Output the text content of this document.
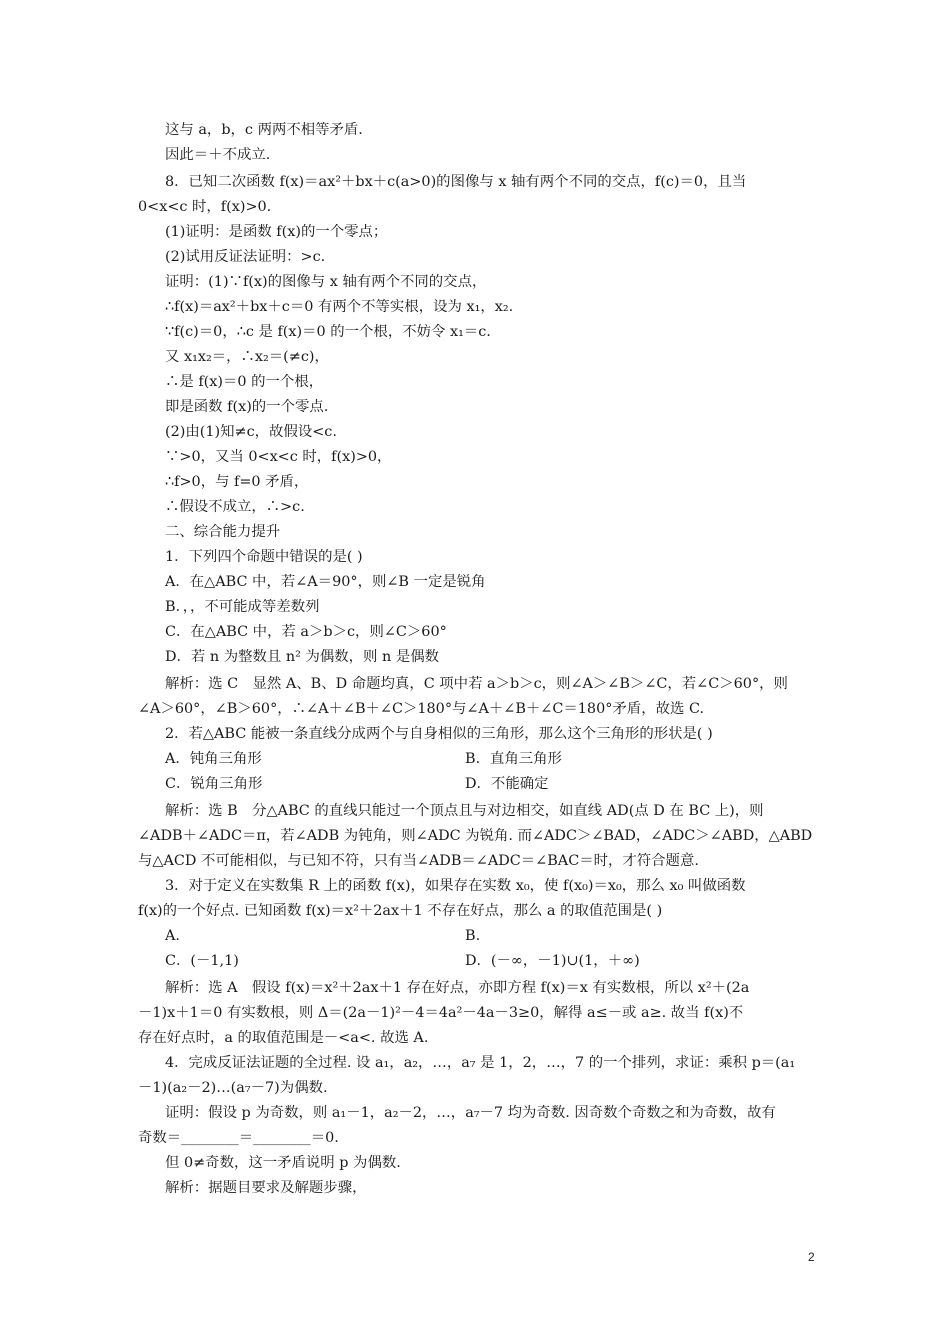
这与 a，b，c 两两不相等矛盾.
因此＝＋不成立.
8．已知二次函数 f(x)＝ax²＋bx＋c(a>0)的图像与 x 轴有两个不同的交点，f(c)＝0，且当
0<x<c 时，f(x)>0.
(1)证明：是函数 f(x)的一个零点；
(2)试用反证法证明：>c.
证明：(1)∵f(x)的图像与 x 轴有两个不同的交点，
∴f(x)＝ax²＋bx＋c＝0 有两个不等实根，设为 x₁，x₂.
∵f(c)＝0，∴c 是 f(x)＝0 的一个根，不妨令 x₁＝c.
又 x₁x₂＝，∴x₂＝(≠c)，
∴是 f(x)＝0 的一个根，
即是函数 f(x)的一个零点.
(2)由(1)知≠c，故假设<c.
∵>0，又当 0<x<c 时，f(x)>0，
∴f>0，与 f=0 矛盾，
∴假设不成立，∴>c.
二、综合能力提升
1．下列四个命题中错误的是( )
A．在△ABC 中，若∠A＝90°，则∠B 一定是锐角
B．，，不可能成等差数列
C．在△ABC 中，若 a＞b＞c，则∠C＞60°
D．若 n 为整数且 n² 为偶数，则 n 是偶数
解析：选 C　显然 A、B、D 命题均真，C 项中若 a＞b＞c，则∠A＞∠B＞∠C，若∠C＞60°，则
∠A＞60°，∠B＞60°，∴∠A＋∠B＋∠C＞180°与∠A＋∠B＋∠C＝180°矛盾，故选 C.
2．若△ABC 能被一条直线分成两个与自身相似的三角形，那么这个三角形的形状是( )
A．钝角三角形	B．直角三角形
C．锐角三角形	D．不能确定
解析：选 B　分△ABC 的直线只能过一个顶点且与对边相交，如直线 AD(点 D 在 BC 上)，则
∠ADB＋∠ADC＝π，若∠ADB 为钝角，则∠ADC 为锐角. 而∠ADC＞∠BAD，∠ADC＞∠ABD，△ABD
与△ACD 不可能相似，与已知不符，只有当∠ADB＝∠ADC＝∠BAC＝时，才符合题意.
3．对于定义在实数集 R 上的函数 f(x)，如果存在实数 x₀，使 f(x₀)＝x₀，那么 x₀ 叫做函数
f(x)的一个好点. 已知函数 f(x)＝x²＋2ax＋1 不存在好点，那么 a 的取值范围是( )
A.	B.
C．(－1,1)	D．(－∞，－1)∪(1，＋∞)
解析：选 A　假设 f(x)＝x²＋2ax＋1 存在好点，亦即方程 f(x)＝x 有实数根，所以 x²＋(2a
－1)x＋1＝0 有实数根，则 Δ＝(2a－1)²－4＝4a²－4a－3≥0，解得 a≤－或 a≥. 故当 f(x)不
存在好点时，a 的取值范围是－<a<. 故选 A.
4．完成反证法证题的全过程. 设 a₁，a₂，…，a₇ 是 1，2，…，7 的一个排列，求证：乘积 p＝(a₁
－1)(a₂－2)…(a₇－7)为偶数.
证明：假设 p 为奇数，则 a₁－1，a₂－2，…，a₇－7 均为奇数. 因奇数个奇数之和为奇数，故有
奇数＝________＝________＝0.
但 0≠奇数，这一矛盾说明 p 为偶数.
解析：据题目要求及解题步骤，
2
